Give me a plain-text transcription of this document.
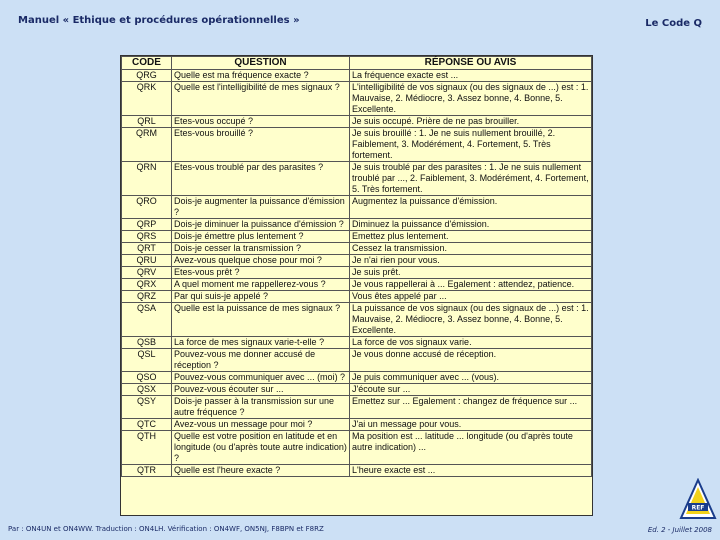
Manuel « Ethique et procédures opérationnelles »	Le Code Q
CODE	QUESTION	RÉPONSE OU AVIS
QRG	Quelle est ma fréquence exacte ?	La fréquence exacte est ...
QRK	Quelle est l'intelligibilité de mes signaux ?	L'intelligibilité de vos signaux (ou des signaux de ...) est : 1. Mauvaise, 2. Médiocre, 3. Assez bonne, 4. Bonne, 5. Excellente.
QRL	Etes-vous occupé ?	Je suis occupé. Prière de ne pas brouiller.
QRM	Etes-vous brouillé ?	Je suis brouillé : 1. Je ne suis nullement brouillé, 2. Faiblement, 3. Modérément, 4. Fortement, 5. Très fortement.
QRN	Etes-vous troublé par des parasites ?	Je suis troublé par des parasites : 1. Je ne suis nullement troublé par ..., 2. Faiblement, 3. Modérément, 4. Fortement, 5. Très fortement.
QRO	Dois-je augmenter la puissance d'émission ?	Augmentez la puissance d'émission.
QRP	Dois-je diminuer la puissance d'émission ?	Diminuez la puissance d'émission.
QRS	Dois-je émettre plus lentement ?	Emettez plus lentement.
QRT	Dois-je cesser la transmission ?	Cessez la transmission.
QRU	Avez-vous quelque chose pour moi ?	Je n'ai rien pour vous.
QRV	Etes-vous prêt ?	Je suis prêt.
QRX	A quel moment me rappellerez-vous ?	Je vous rappellerai à ... Egalement : attendez, patience.
QRZ	Par qui suis-je appelé ?	Vous êtes appelé par ...
QSA	Quelle est la puissance de mes signaux ?	La puissance de vos signaux (ou des signaux de ...) est : 1. Mauvaise, 2. Médiocre, 3. Assez bonne, 4. Bonne, 5. Excellente.
QSB	La force de mes signaux varie-t-elle ?	La force de vos signaux varie.
QSL	Pouvez-vous me donner accusé de réception ?	Je vous donne accusé de réception.
QSO	Pouvez-vous communiquer avec ... (moi) ?	Je puis communiquer avec ... (vous).
QSX	Pouvez-vous écouter sur ...	J'écoute sur ...
QSY	Dois-je passer à la transmission sur une autre fréquence ?	Emettez sur ... Egalement : changez de fréquence sur ...
QTC	Avez-vous un message pour moi ?	J'ai un message pour vous.
QTH	Quelle est votre position en latitude et en longitude (ou d'après toute autre indication) ?	Ma position est ... latitude ... longitude (ou d'après toute autre indication) ...
QTR	Quelle est l'heure exacte ?	L'heure exacte est ...
REF
Par : ON4UN et ON4WW. Traduction : ON4LH. Vérification : ON4WF, ON5NJ, F8BPN et F8RZ	Ed. 2 - Juillet 2008
